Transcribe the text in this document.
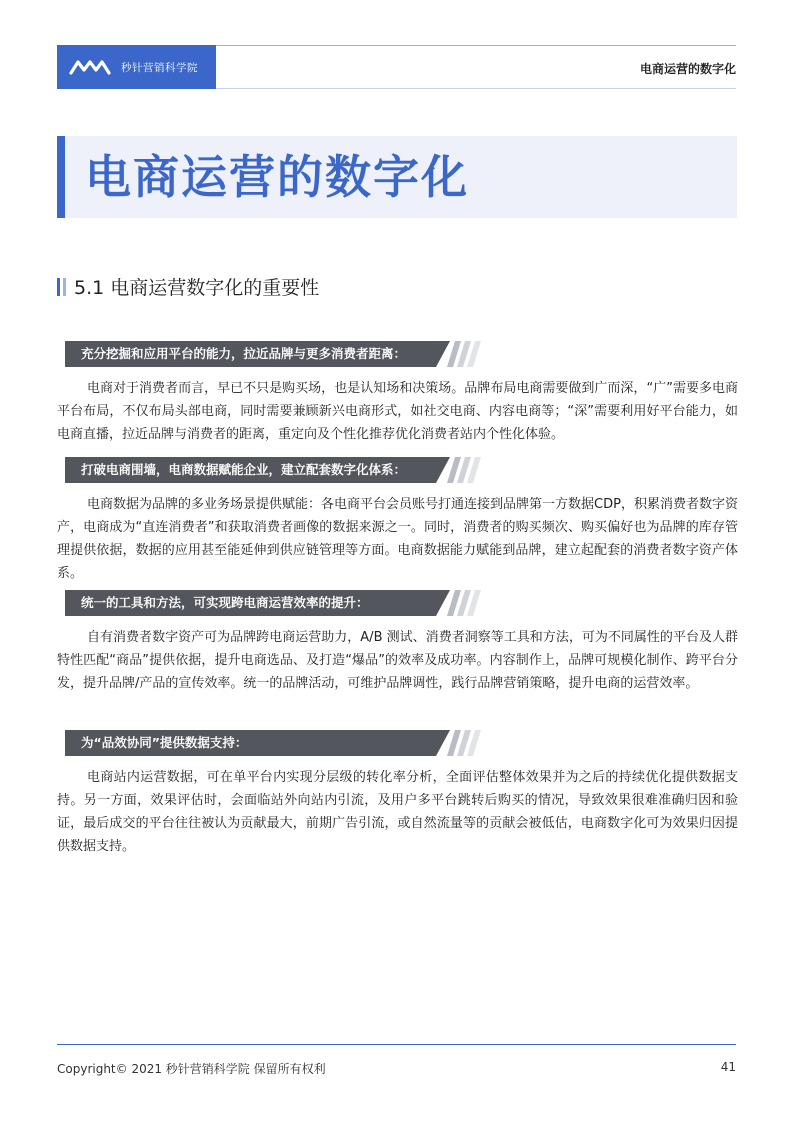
秒针营销科学院	电商运营的数字化
电商运营的数字化
5.1 电商运营数字化的重要性
充分挖掘和应用平台的能力，拉近品牌与更多消费者距离：

电商对于消费者而言，早已不只是购买场，也是认知场和决策场。品牌布局电商需要做到广而深，“广”需要多电商平台布局，不仅布局头部电商，同时需要兼顾新兴电商形式，如社交电商、内容电商等；“深”需要利用好平台能力，如电商直播，拉近品牌与消费者的距离，重定向及个性化推荐优化消费者站内个性化体验。

打破电商围墙，电商数据赋能企业，建立配套数字化体系：

电商数据为品牌的多业务场景提供赋能：各电商平台会员账号打通连接到品牌第一方数据CDP，积累消费者数字资产，电商成为“直连消费者”和获取消费者画像的数据来源之一。同时，消费者的购买频次、购买偏好也为品牌的库存管理提供依据，数据的应用甚至能延伸到供应链管理等方面。电商数据能力赋能到品牌，建立起配套的消费者数字资产体系。

统一的工具和方法，可实现跨电商运营效率的提升：

自有消费者数字资产可为品牌跨电商运营助力，A/B 测试、消费者洞察等工具和方法，可为不同属性的平台及人群特性匹配“商品”提供依据，提升电商选品、及打造“爆品”的效率及成功率。内容制作上，品牌可规模化制作、跨平台分发，提升品牌/产品的宣传效率。统一的品牌活动，可维护品牌调性，践行品牌营销策略，提升电商的运营效率。

为“品效协同”提供数据支持：

电商站内运营数据，可在单平台内实现分层级的转化率分析，全面评估整体效果并为之后的持续优化提供数据支持。另一方面，效果评估时，会面临站外向站内引流，及用户多平台跳转后购买的情况，导致效果很难准确归因和验证，最后成交的平台往往被认为贡献最大，前期广告引流，或自然流量等的贡献会被低估，电商数字化可为效果归因提供数据支持。

Copyright© 2021 秒针营销科学院 保留所有权利	41
